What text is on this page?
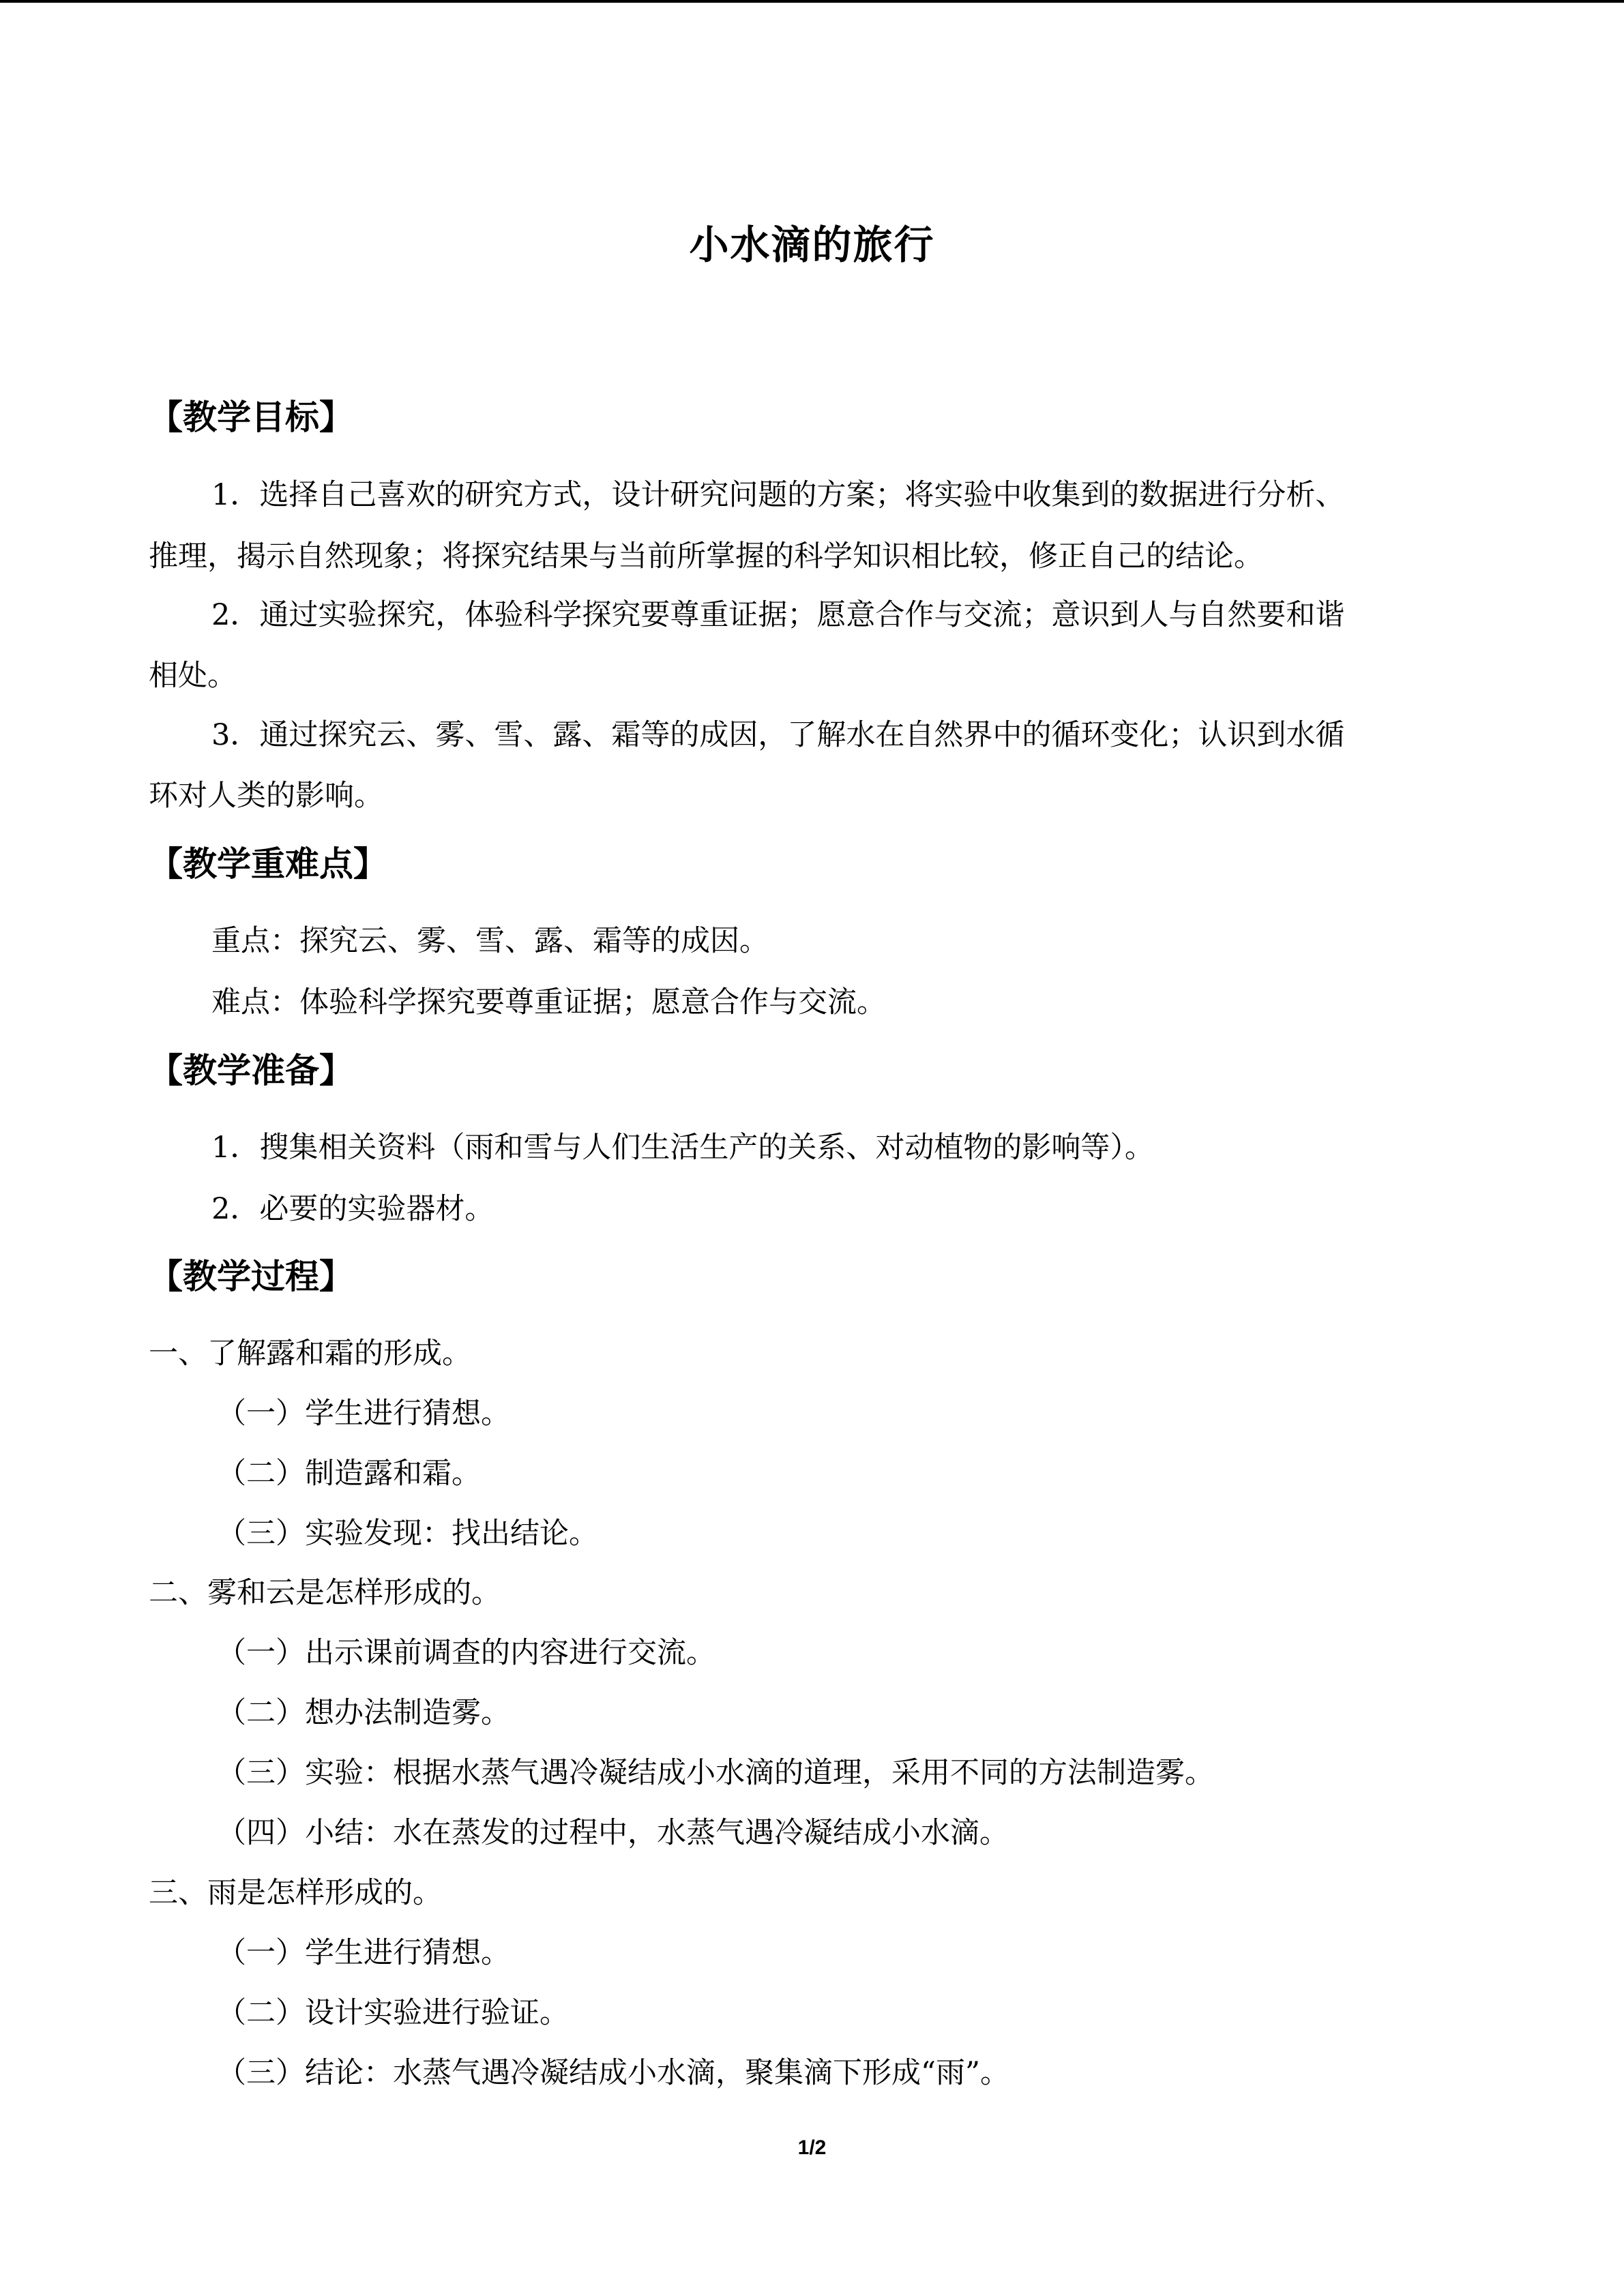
小水滴的旅行
【教学目标】
1．选择自己喜欢的研究方式，设计研究问题的方案；将实验中收集到的数据进行分析、
推理，揭示自然现象；将探究结果与当前所掌握的科学知识相比较，修正自己的结论。
2．通过实验探究，体验科学探究要尊重证据；愿意合作与交流；意识到人与自然要和谐
相处。
3．通过探究云、雾、雪、露、霜等的成因，了解水在自然界中的循环变化；认识到水循
环对人类的影响。
【教学重难点】
重点：探究云、雾、雪、露、霜等的成因。
难点：体验科学探究要尊重证据；愿意合作与交流。
【教学准备】
1．搜集相关资料（雨和雪与人们生活生产的关系、对动植物的影响等）。
2．必要的实验器材。
【教学过程】
一、了解露和霜的形成。
（一）学生进行猜想。
（二）制造露和霜。
（三）实验发现：找出结论。
二、雾和云是怎样形成的。
（一）出示课前调查的内容进行交流。
（二）想办法制造雾。
（三）实验：根据水蒸气遇冷凝结成小水滴的道理，采用不同的方法制造雾。
（四）小结：水在蒸发的过程中，水蒸气遇冷凝结成小水滴。
三、雨是怎样形成的。
（一）学生进行猜想。
（二）设计实验进行验证。
（三）结论：水蒸气遇冷凝结成小水滴，聚集滴下形成“雨”。
1/2
